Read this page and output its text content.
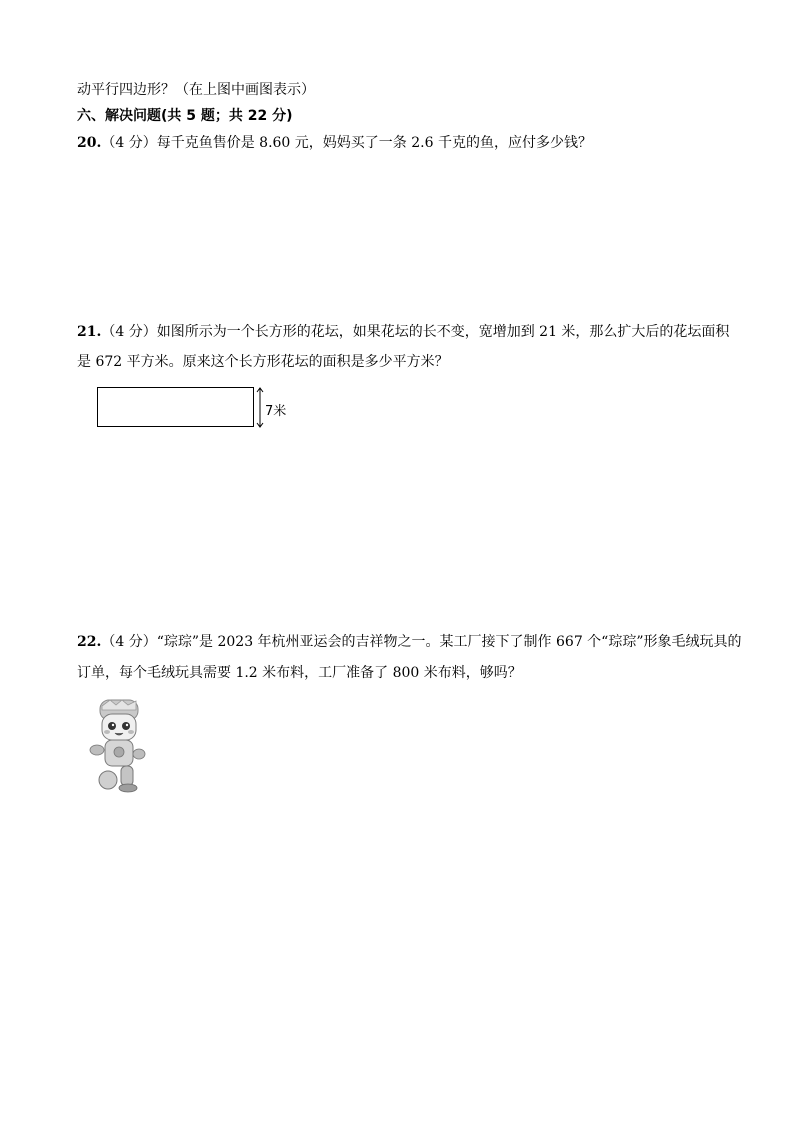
动平行四边形？（在上图中画图表示）
六、解决问题(共 5 题；共 22 分)
20.（4 分）每千克鱼售价是 8.60 元，妈妈买了一条 2.6 千克的鱼，应付多少钱？
21.（4 分）如图所示为一个长方形的花坛，如果花坛的长不变，宽增加到 21 米，那么扩大后的花坛面积
是 672 平方米。原来这个长方形花坛的面积是多少平方米？
7米
22.（4 分）“琮琮”是 2023 年杭州亚运会的吉祥物之一。某工厂接下了制作 667 个“琮琮”形象毛绒玩具的
订单，每个毛绒玩具需要 1.2 米布料，工厂准备了 800 米布料，够吗？
